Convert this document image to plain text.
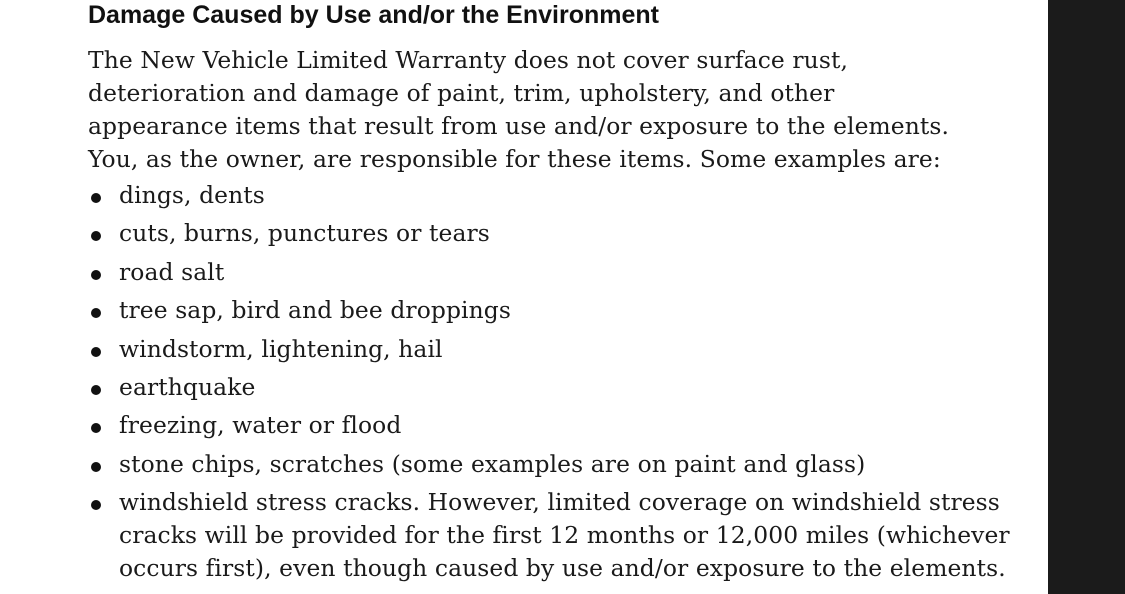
Damage Caused by Use and/or the Environment

The New Vehicle Limited Warranty does not cover surface rust,
deterioration and damage of paint, trim, upholstery, and other
appearance items that result from use and/or exposure to the elements.
You, as the owner, are responsible for these items. Some examples are:

dings, dents
cuts, burns, punctures or tears
road salt
tree sap, bird and bee droppings
windstorm, lightening, hail
earthquake
freezing, water or flood
stone chips, scratches (some examples are on paint and glass)
windshield stress cracks. However, limited coverage on windshield stress
cracks will be provided for the first 12 months or 12,000 miles (whichever
occurs first), even though caused by use and/or exposure to the elements.
